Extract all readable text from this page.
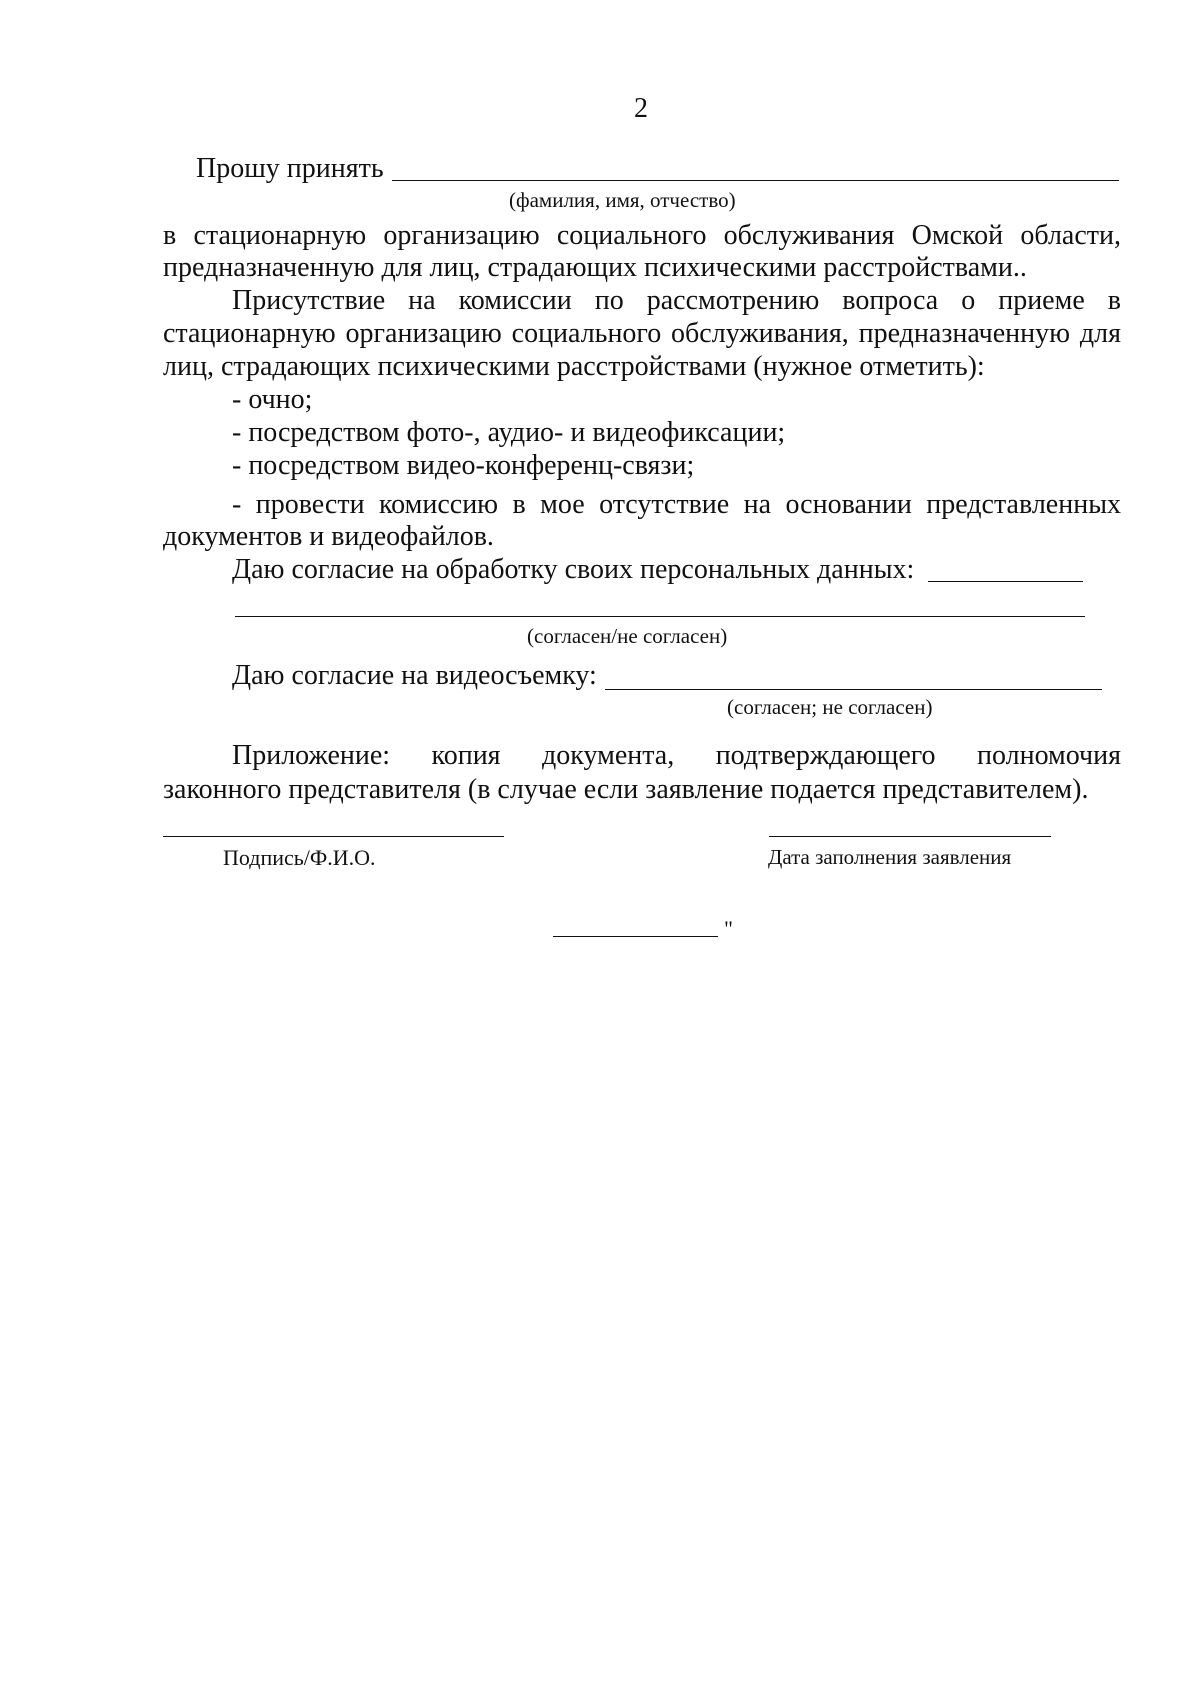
2
Прошу принять
(фамилия, имя, отчество)
в стационарную организацию социального обслуживания Омской области,
предназначенную для лиц, страдающих психическими расстройствами..
Присутствие на комиссии по рассмотрению вопроса о приеме в
стационарную организацию социального обслуживания, предназначенную для
лиц, страдающих психическими расстройствами (нужное отметить):
- очно;
- посредством фото-, аудио- и видеофиксации;
- посредством видео-конференц-связи;
- провести комиссию в мое отсутствие на основании представленных
документов и видеофайлов.
Даю согласие на обработку своих персональных данных:
(согласен/не согласен)
Даю согласие на видеосъемку:
(согласен; не согласен)
Приложение: копия документа, подтверждающего полномочия
законного представителя (в случае если заявление подается представителем).
Подпись/Ф.И.О.	Дата заполнения заявления
"
